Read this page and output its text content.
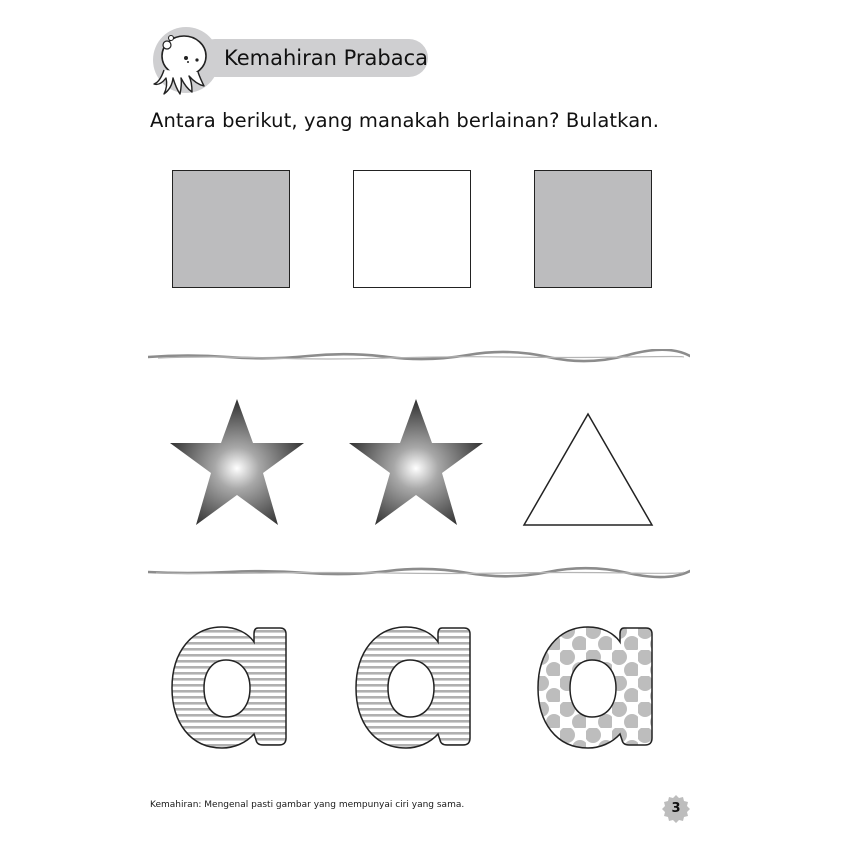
Kemahiran Prabaca
Antara berikut, yang manakah berlainan? Bulatkan.
Kemahiran: Mengenal pasti gambar yang mempunyai ciri yang sama.	3
